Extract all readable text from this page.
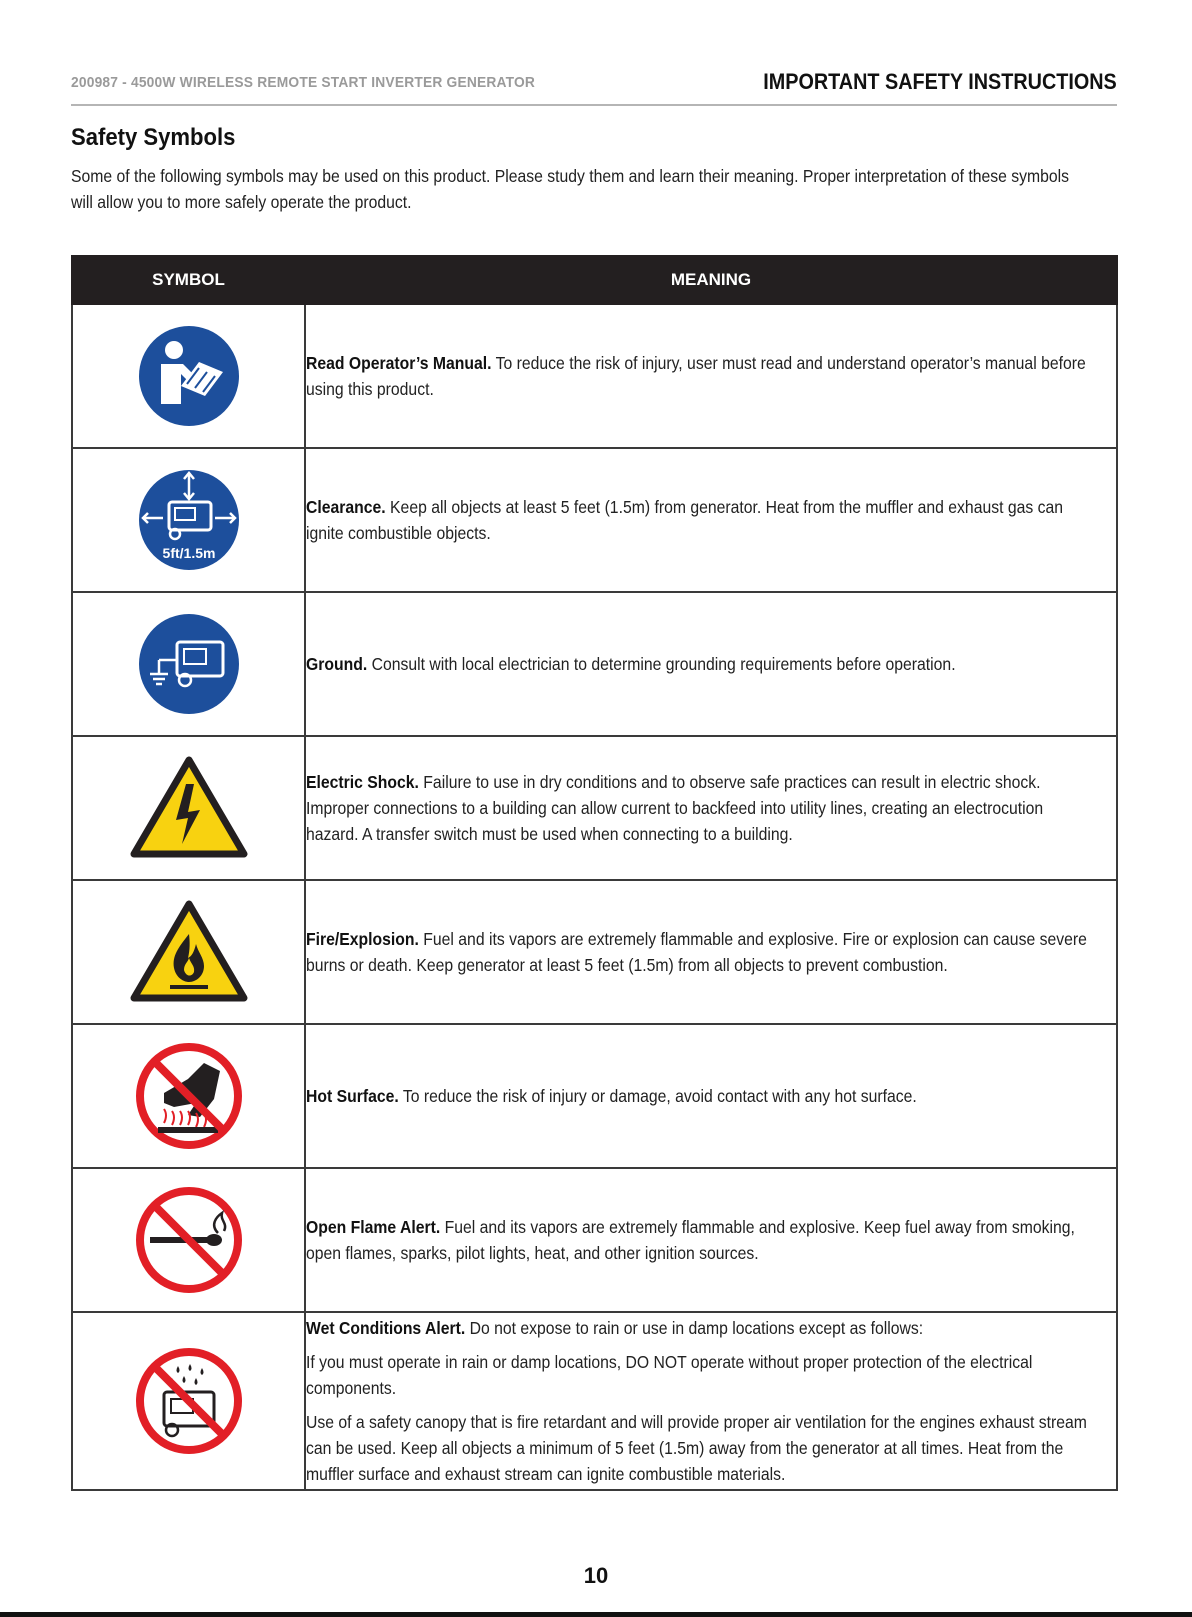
200987 - 4500W WIRELESS REMOTE START INVERTER GENERATOR	IMPORTANT SAFETY INSTRUCTIONS
Safety Symbols

Some of the following symbols may be used on this product. Please study them and learn their meaning. Proper interpretation of these symbols will allow you to more safely operate the product.

SYMBOL	MEANING

Read Operator’s Manual. To reduce the risk of injury, user must read and understand operator’s manual before using this product.

5ft/1.5m	Clearance. Keep all objects at least 5 feet (1.5m) from generator. Heat from the muffler and exhaust gas can ignite combustible objects.

Ground. Consult with local electrician to determine grounding requirements before operation.

Electric Shock. Failure to use in dry conditions and to observe safe practices can result in electric shock. Improper connections to a building can allow current to backfeed into utility lines, creating an electrocution hazard. A transfer switch must be used when connecting to a building.

Fire/Explosion. Fuel and its vapors are extremely flammable and explosive. Fire or explosion can cause severe burns or death. Keep generator at least 5 feet (1.5m) from all objects to prevent combustion.

Hot Surface. To reduce the risk of injury or damage, avoid contact with any hot surface.

Open Flame Alert. Fuel and its vapors are extremely flammable and explosive. Keep fuel away from smoking, open flames, sparks, pilot lights, heat, and other ignition sources.

Wet Conditions Alert. Do not expose to rain or use in damp locations except as follows:

If you must operate in rain or damp locations, DO NOT operate without proper protection of the electrical components.

Use of a safety canopy that is fire retardant and will provide proper air ventilation for the engines exhaust stream can be used. Keep all objects a minimum of 5 feet (1.5m) away from the generator at all times. Heat from the muffler surface and exhaust stream can ignite combustible materials.

10
